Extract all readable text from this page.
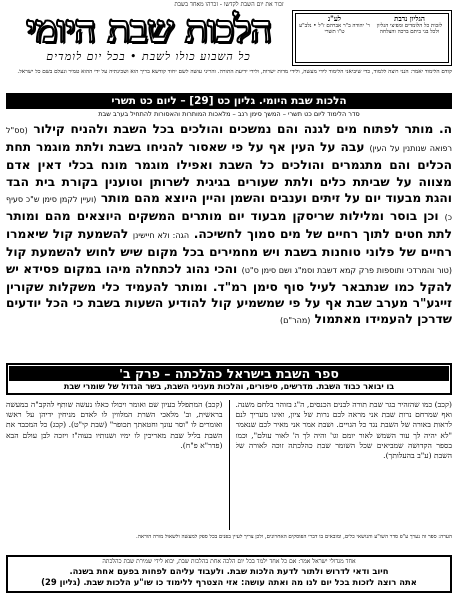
זכור את יום השבת לקדשו - זכרהו מאחד בשבת
הלכות שבת היומי
כל השבוע כולו לשבת • בכל יום לומדים
הגליון נדבת
לזכות כל הלומדים ומפיצי הגליון ולכל בני ביתם ברכה והצלחה
לע"נ
ר' יהודה ב"ר אברהם ז"ל • נלב"ע ט"ו תשרי
קודם הלימוד יאמר: הנני רוצה ללמוד, כדי שיביאני הלימוד לידי מעשה, ולידי מדות ישרות, ולידי ידיעת התורה. והריני עושה לשם יחוד קודשא בריך הוא ושכינתיה על ידי ההוא טמיר ונעלם בשם כל ישראל.
הלכות שבת היומי. גליון כט [29] – ליום כט תשרי
סדר הלימוד ליום כט תשרי – המשך סימן רנב – מלאכות המותרות והאסורות להתחיל בערב שבת
ה. מותר לפתוח מים לגנה והם נמשכים והולכים בכל השבת ולהניח קילור (סס"ל רפואה שנותנין על העין) עבה על העין אף על פי שאסור להניחו בשבת ולתת מוגמר תחת הכלים והם מתגמרים והולכים כל השבת ואפילו מוגמר מונח בכלי דאין אדם מצווה על שביתת כלים ולתת שעורים בגיגית לשרותן וטוענין בקורת בית הבד והגת מבעוד יום על זיתים וענבים והשמן והיין היוצא מהם מותר (ועיין לקמן סימן ש"כ סעיף כ) וכן בוסר ומלילות שריסקן מבעוד יום מותרים המשקים היוצאים מהם ומותר לתת חטים לתוך רחיים של מים סמוך לחשיכה. הגה: ולא חיישינן להשמעת קול שיאמרו רחיים של פלוני טוחנות בשבת ויש מחמירים בכל מקום שיש לחוש להשמעת קול (טור והמרדכי ותוספות פרק קמא דשבת וסמ"ג ושם סימן ס"ט) והכי נהוג לכתחלה מיהו במקום פסידא יש להקל כמו שנתבאר לעיל סוף סימן רמ"ד. ומותר להעמיד כלי משקלות שקורין זייגע"ר מערב שבת אף על פי שמשמיע קול להודיע השעות בשבת כי הכל יודעים שדרכן להעמידו מאתמול (מהר"ם)
ספר השבת בישראל כהלכתה – פרק ב'
בו יבואר כבוד השבת. מדרשים, סיפורים, והלכות מעניני השבת, בשר הגדול של שומרי שבת
(קכב) כמו שהזהיר בגר שבת תורה לבנים הכנסים, ה"ג בזוהר בלחם משנה. ואף שמרחם נרות שבת אני מראה לכם נרות של ציון, ואינו מעריך לנם לראות באורה של השבת נגד כל הגויים. ושבת אמר אני מאיר לכם שנאמר "לא יהיה לך עוד השמש לאור יומם וגו' והיה לך ה' לאור עולם", וכמו בספר הקדושה שמביאים שכל השומר שבת כהלכתה זוכה לאורה של השבת (ע"ב בהעלותך).
(קכב) המתפלל בעיון שם ואומר ויכולו כאלו נעשה שותף להקב"ה במעשה בראשית, וב' מלאכי השרת המלווין לו לאדם מניחין ידיהן על ראשו ואומרים לו "וסר עונך וחטאתך תכופר" (שבת קי"ט). (קכג) כל המכבד את השבת בליל שבת מאריכין לו ימיו ושנותיו בעוה"ז ויזכה לבן עולם הבא (פדר"א פ"ח).
הערה: ספר זה נערך ע"פ סדר השו"ע והנושאי כלים, ומובאים בו דברי הפוסקים האחרונים, ולכן צריך לעיין בפנים בכל ספק למעשה ולשאול מורה הוראה.
אחד מגדולי ישראל אמר: אם כל אחד ילמד בכל יום הלכה אחת בהלכות שבת, יבוא לידי שמירת שבת כהלכתה
חיוב ודאי לדרוש ולתור לדעת הלכות שבת. ולעבוד עליהם לפחות בפעם אחת בשנה.
אתה רוצה לזכות בכל יום לנו מה ואתה עושה: אזי הצטרף ללימוד כו שו"ע הלכות שבת. (גליון 29)
